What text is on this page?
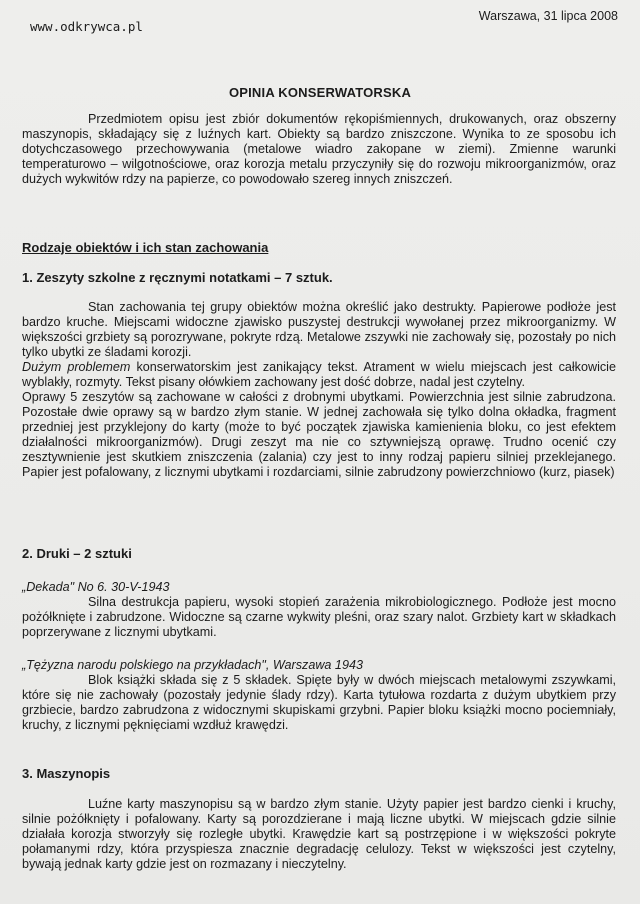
www.odkrywca.pl
Warszawa, 31 lipca 2008
OPINIA KONSERWATORSKA

Przedmiotem opisu jest zbiór dokumentów rękopiśmiennych, drukowanych, oraz obszerny maszynopis, składający się z luźnych kart. Obiekty są bardzo zniszczone. Wynika to ze sposobu ich dotychczasowego przechowywania (metalowe wiadro zakopane w ziemi). Zmienne warunki temperaturowo – wilgotnościowe, oraz korozja metalu przyczyniły się do rozwoju mikroorganizmów, oraz dużych wykwitów rdzy na papierze, co powodowało szereg innych zniszczeń.

Rodzaje obiektów i ich stan zachowania

1. Zeszyty szkolne z ręcznymi notatkami – 7 sztuk.

Stan zachowania tej grupy obiektów można określić jako destrukty. Papierowe podłoże jest bardzo kruche. Miejscami widoczne zjawisko puszystej destrukcji wywołanej przez mikroorganizmy. W większości grzbiety są porozrywane, pokryte rdzą. Metalowe zszywki nie zachowały się, pozostały po nich tylko ubytki ze śladami korozji.

Dużym problemem konserwatorskim jest zanikający tekst. Atrament w wielu miejscach jest całkowicie wyblakły, rozmyty. Tekst pisany ołówkiem zachowany jest dość dobrze, nadal jest czytelny.

Oprawy 5 zeszytów są zachowane w całości z drobnymi ubytkami. Powierzchnia jest silnie zabrudzona. Pozostałe dwie oprawy są w bardzo złym stanie. W jednej zachowała się tylko dolna okładka, fragment przedniej jest przyklejony do karty (może to być początek zjawiska kamienienia bloku, co jest efektem działalności mikroorganizmów). Drugi zeszyt ma nie co sztywniejszą oprawę. Trudno ocenić czy zesztywnienie jest skutkiem zniszczenia (zalania) czy jest to inny rodzaj papieru silniej przeklejanego. Papier jest pofalowany, z licznymi ubytkami i rozdarciami, silnie zabrudzony powierzchniowo (kurz, piasek)

2. Druki – 2 sztuki

„Dekada" No 6. 30-V-1943

Silna destrukcja papieru, wysoki stopień zarażenia mikrobiologicznego. Podłoże jest mocno pożółknięte i zabrudzone. Widoczne są czarne wykwity pleśni, oraz szary nalot. Grzbiety kart w składkach poprzerywane z licznymi ubytkami.

„Tężyzna narodu polskiego na przykładach", Warszawa 1943

Blok książki składa się z 5 składek. Spięte były w dwóch miejscach metalowymi zszywkami, które się nie zachowały (pozostały jedynie ślady rdzy). Karta tytułowa rozdarta z dużym ubytkiem przy grzbiecie, bardzo zabrudzona z widocznymi skupiskami grzybni. Papier bloku książki mocno pociemniały, kruchy, z licznymi pęknięciami wzdłuż krawędzi.

3. Maszynopis

Luźne karty maszynopisu są w bardzo złym stanie. Użyty papier jest bardzo cienki i kruchy, silnie pożółknięty i pofalowany. Karty są porozdzierane i mają liczne ubytki. W miejscach gdzie silnie działała korozja stworzyły się rozległe ubytki. Krawędzie kart są postrzępione i w większości pokryte połamanymi rdzy, która przyspiesza znacznie degradację celulozy. Tekst w większości jest czytelny, bywają jednak karty gdzie jest on rozmazany i nieczytelny.
